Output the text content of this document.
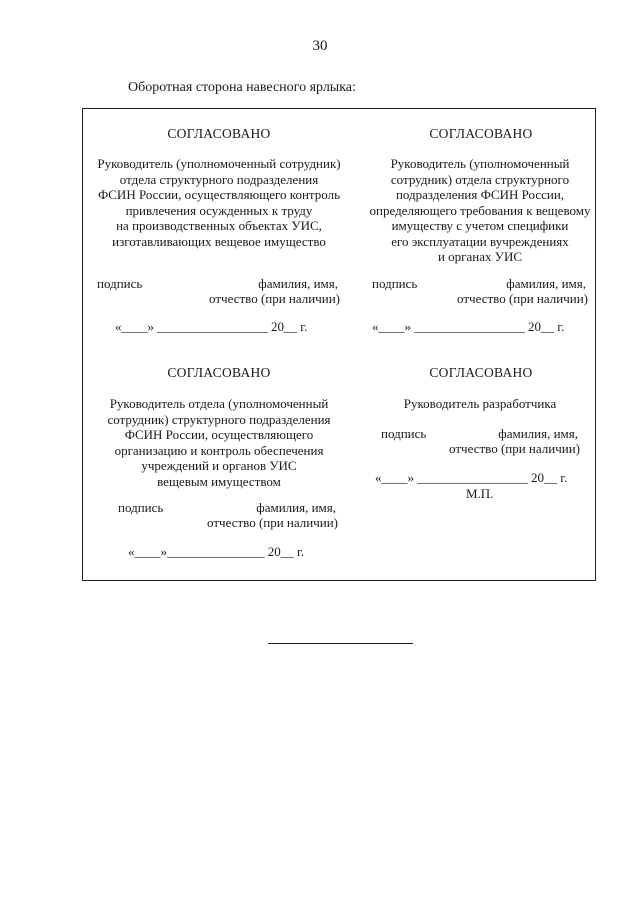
30
Оборотная сторона навесного ярлыка:
СОГЛАСОВАНО
Руководитель (уполномоченный сотрудник)
отдела структурного подразделения
ФСИН России, осуществляющего контроль
привлечения осужденных к труду
на производственных объектах УИС,
изготавливающих вещевое имущество
подпись	фамилия, имя,
отчество (при наличии)
«____» _________________ 20__ г.
СОГЛАСОВАНО
Руководитель (уполномоченный
сотрудник) отдела структурного
подразделения ФСИН России,
определяющего требования к вещевому
имуществу с учетом специфики
его эксплуатации вучреждениях
и органах УИС
подпись	фамилия, имя,
отчество (при наличии)
«____» _________________ 20__ г.
СОГЛАСОВАНО
Руководитель отдела (уполномоченный
сотрудник) структурного подразделения
ФСИН России, осуществляющего
организацию и контроль обеспечения
учреждений и органов УИС
вещевым имуществом
подпись	фамилия, имя,
отчество (при наличии)
«____»_______________ 20__ г.
СОГЛАСОВАНО
Руководитель разработчика
подпись	фамилия, имя,
отчество (при наличии)
«____» _________________ 20__ г.
М.П.
